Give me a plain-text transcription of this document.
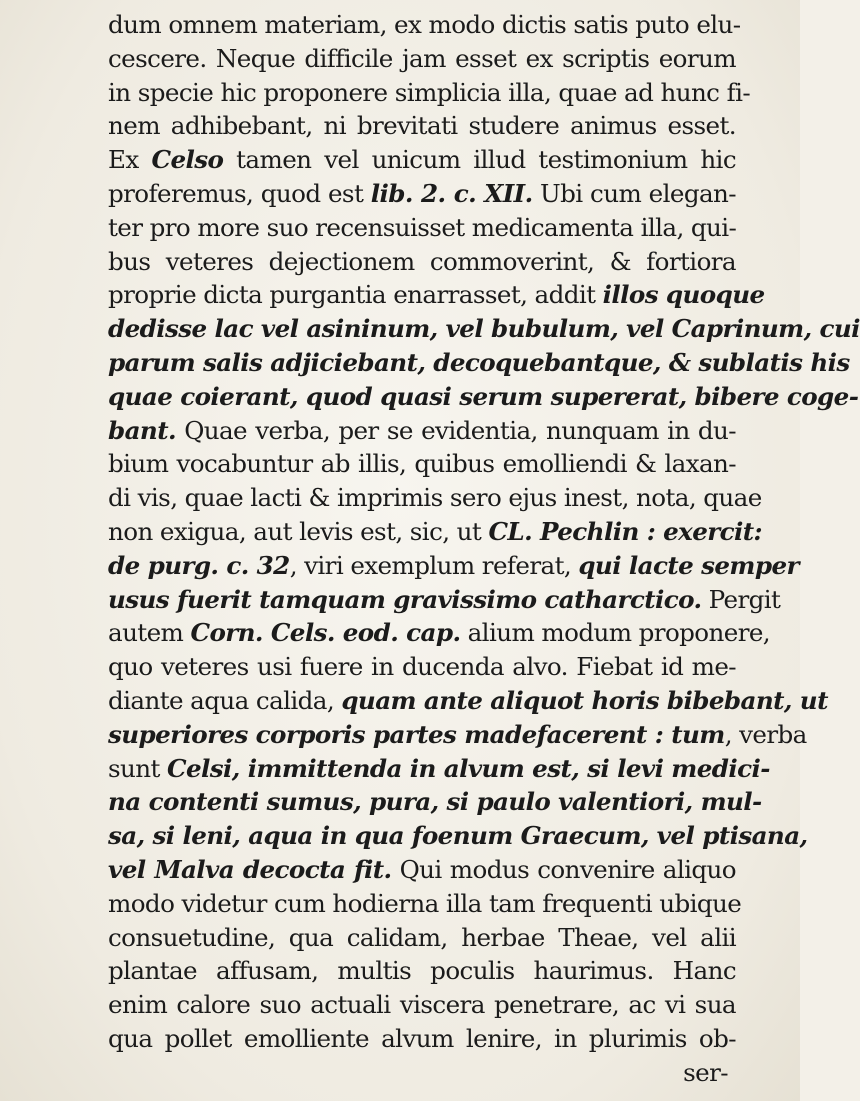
dum omnem materiam, ex modo dictis satis puto elu-
cescere. Neque difficile jam esset ex scriptis eorum
in specie hic proponere simplicia illa, quae ad hunc fi-
nem adhibebant, ni brevitati studere animus esset.
Ex Celso tamen vel unicum illud testimonium hic
proferemus, quod est lib. 2. c. XII. Ubi cum elegan-
ter pro more suo recensuisset medicamenta illa, qui-
bus veteres dejectionem commoverint, & fortiora
proprie dicta purgantia enarrasset, addit illos quoque
dedisse lac vel asininum, vel bubulum, vel Caprinum, cui
parum salis adjiciebant, decoquebantque, & sublatis his
quae coierant, quod quasi serum supererat, bibere coge-
bant. Quae verba, per se evidentia, nunquam in du-
bium vocabuntur ab illis, quibus emolliendi & laxan-
di vis, quae lacti & imprimis sero ejus inest, nota, quae
non exigua, aut levis est, sic, ut CL. Pechlin : exercit:
de purg. c. 32, viri exemplum referat, qui lacte semper
usus fuerit tamquam gravissimo catharctico. Pergit
autem Corn. Cels. eod. cap. alium modum proponere,
quo veteres usi fuere in ducenda alvo. Fiebat id me-
diante aqua calida, quam ante aliquot horis bibebant, ut
superiores corporis partes madefacerent : tum, verba
sunt Celsi, immittenda in alvum est, si levi medici-
na contenti sumus, pura, si paulo valentiori, mul-
sa, si leni, aqua in qua foenum Graecum, vel ptisana,
vel Malva decocta fit. Qui modus convenire aliquo
modo videtur cum hodierna illa tam frequenti ubique
consuetudine, qua calidam, herbae Theae, vel alii
plantae affusam, multis poculis haurimus. Hanc
enim calore suo actuali viscera penetrare, ac vi sua
qua pollet emolliente alvum lenire, in plurimis ob-
ser-
